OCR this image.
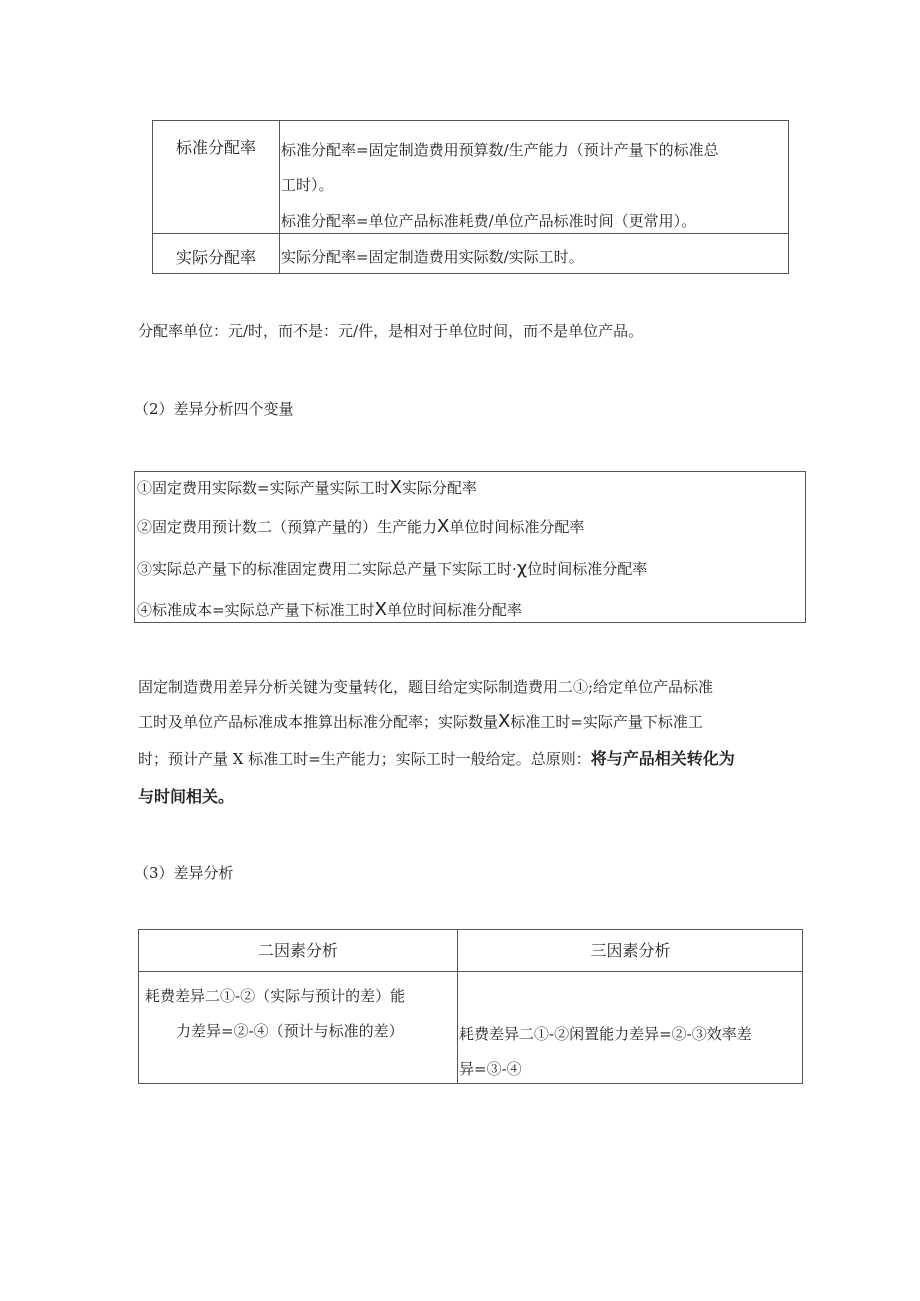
标准分配率	标准分配率=固定制造费用预算数/生产能力（预计产量下的标准总
工时）。
标准分配率=单位产品标准耗费/单位产品标准时间（更常用）。
实际分配率	实际分配率=固定制造费用实际数/实际工时。
分配率单位：元/时，而不是：元/件，是相对于单位时间，而不是单位产品。
（2）差异分析四个变量
①固定费用实际数=实际产量实际工时X实际分配率
②固定费用预计数二（预算产量的）生产能力X单位时间标准分配率
③实际总产量下的标准固定费用二实际总产量下实际工时·χ位时间标准分配率
④标准成本=实际总产量下标准工时X单位时间标准分配率
固定制造费用差异分析关键为变量转化，题目给定实际制造费用二①;给定单位产品标准
工时及单位产品标准成本推算出标准分配率；实际数量X标准工时=实际产量下标准工
时；预计产量 X 标准工时=生产能力；实际工时一般给定。总原则：将与产品相关转化为
与时间相关。
（3）差异分析
二因素分析	三因素分析
耗费差异二①-②（实际与预计的差）能
力差异=②-④（预计与标准的差）	耗费差异二①-②闲置能力差异=②-③效率差
异=③-④
